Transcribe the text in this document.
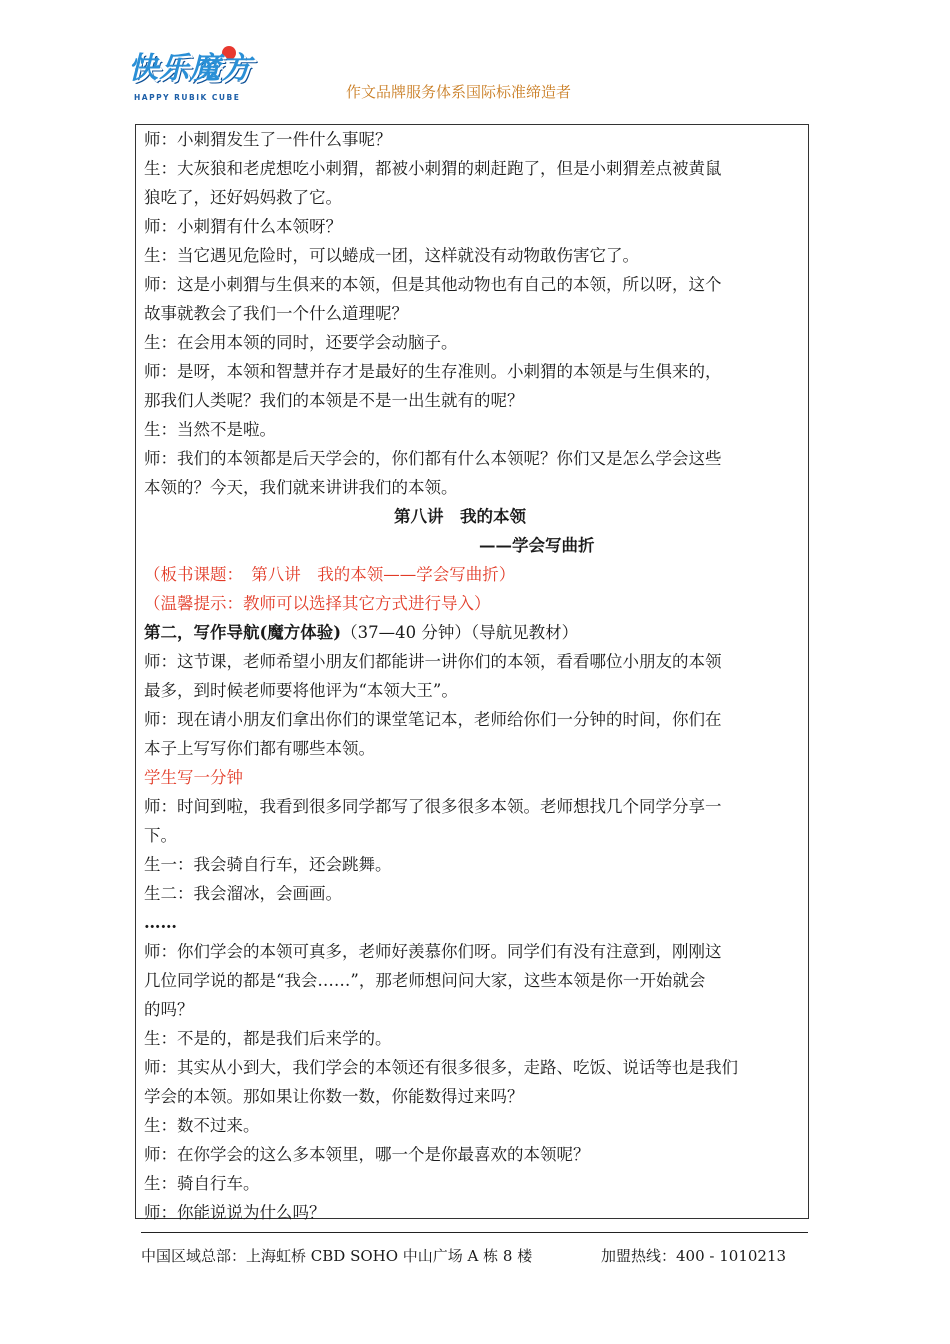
快乐魔方
HAPPY RUBIK CUBE	作文品牌服务体系国际标准缔造者
师：小刺猬发生了一件什么事呢？
生：大灰狼和老虎想吃小刺猬，都被小刺猬的刺赶跑了，但是小刺猬差点被黄鼠
狼吃了，还好妈妈救了它。
师：小刺猬有什么本领呀？
生：当它遇见危险时，可以蜷成一团，这样就没有动物敢伤害它了。
师：这是小刺猬与生俱来的本领，但是其他动物也有自己的本领，所以呀，这个
故事就教会了我们一个什么道理呢？
生：在会用本领的同时，还要学会动脑子。
师：是呀，本领和智慧并存才是最好的生存准则。小刺猬的本领是与生俱来的，
那我们人类呢？我们的本领是不是一出生就有的呢？
生：当然不是啦。
师：我们的本领都是后天学会的，你们都有什么本领呢？你们又是怎么学会这些
本领的？今天，我们就来讲讲我们的本领。
第八讲　我的本领
——学会写曲折
（板书课题：　第八讲　我的本领——学会写曲折）
（温馨提示：教师可以选择其它方式进行导入）
第二，写作导航(魔方体验)（37—40 分钟）（导航见教材）
师：这节课，老师希望小朋友们都能讲一讲你们的本领，看看哪位小朋友的本领
最多，到时候老师要将他评为“本领大王”。
师：现在请小朋友们拿出你们的课堂笔记本，老师给你们一分钟的时间，你们在
本子上写写你们都有哪些本领。
学生写一分钟
师：时间到啦，我看到很多同学都写了很多很多本领。老师想找几个同学分享一
下。
生一：我会骑自行车，还会跳舞。
生二：我会溜冰，会画画。
……
师：你们学会的本领可真多，老师好羡慕你们呀。同学们有没有注意到，刚刚这
几位同学说的都是“我会……”，那老师想问问大家，这些本领是你一开始就会
的吗？
生：不是的，都是我们后来学的。
师：其实从小到大，我们学会的本领还有很多很多，走路、吃饭、说话等也是我们
学会的本领。那如果让你数一数，你能数得过来吗？
生：数不过来。
师：在你学会的这么多本领里，哪一个是你最喜欢的本领呢？
生：骑自行车。
师：你能说说为什么吗？
中国区域总部：上海虹桥 CBD SOHO 中山广场 A 栋 8 楼	加盟热线：400 - 1010213
